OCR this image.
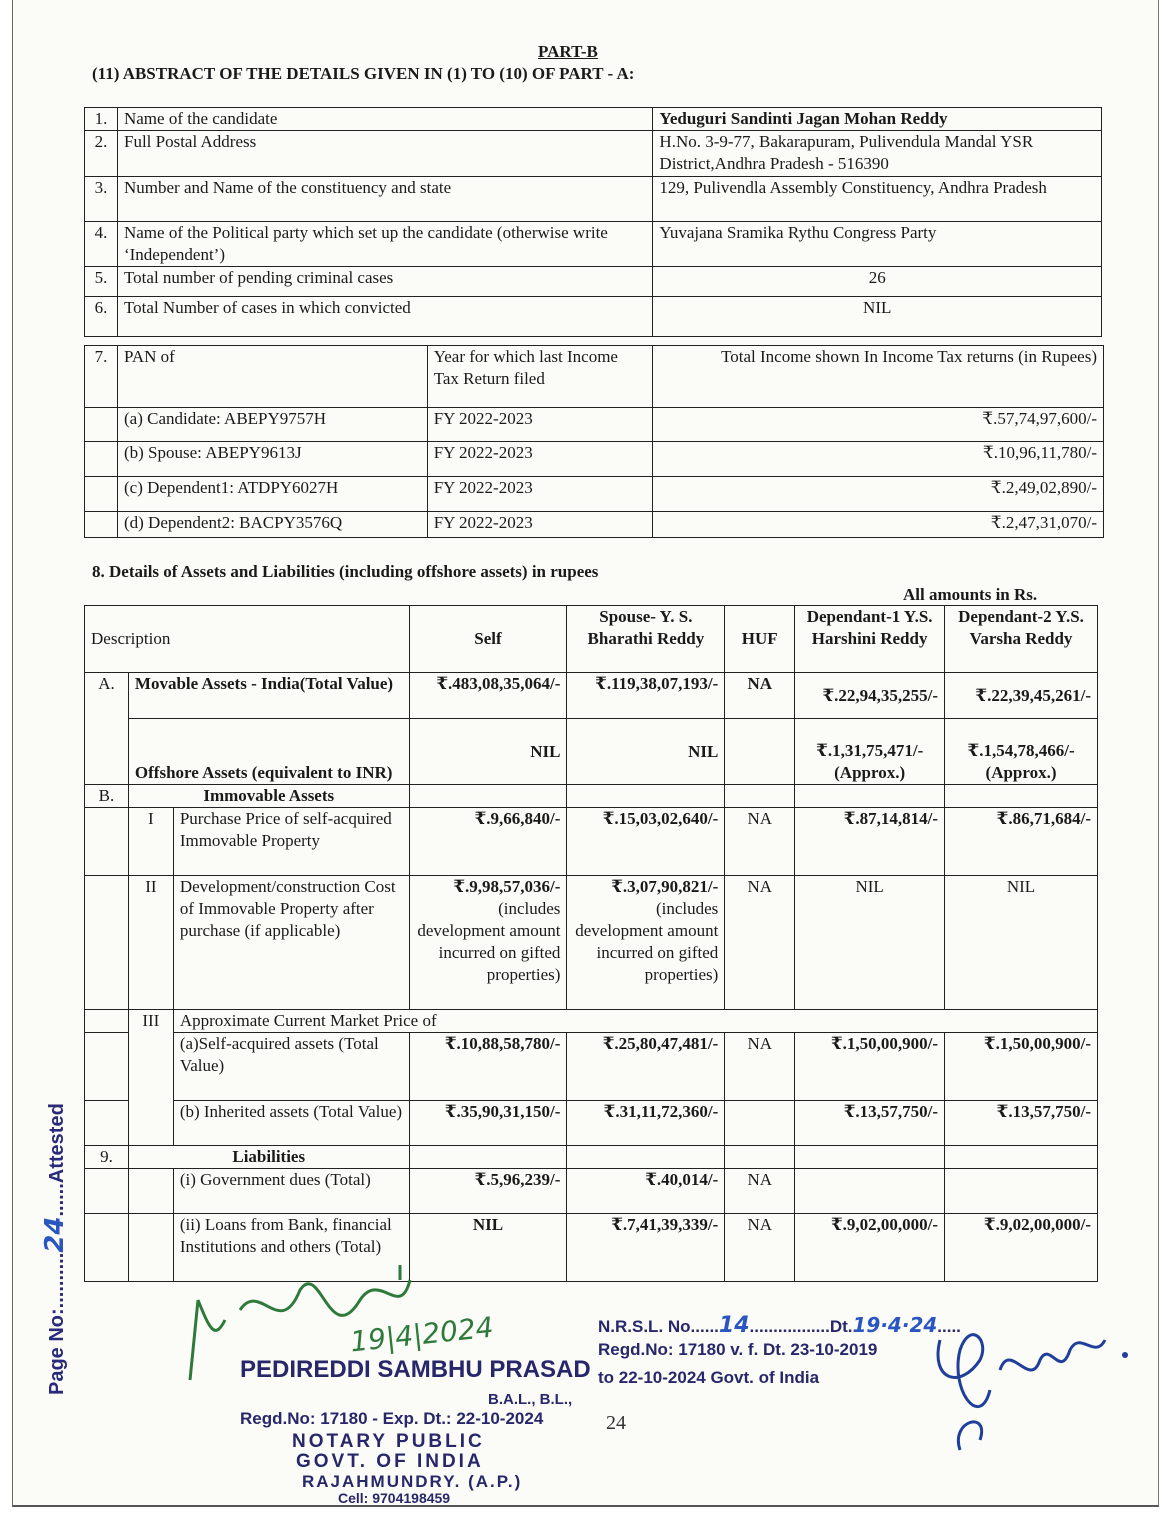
PART-B
(11) ABSTRACT OF THE DETAILS GIVEN IN (1) TO (10) OF PART - A:
1.	Name of the candidate	Yeduguri Sandinti Jagan Mohan Reddy
2.	Full Postal Address	H.No. 3-9-77, Bakarapuram, Pulivendula Mandal YSR District,Andhra Pradesh - 516390
3.	Number and Name of the constituency and state	129, Pulivendla Assembly Constituency, Andhra Pradesh
4.	Name of the Political party which set up the candidate (otherwise write ‘Independent’)	Yuvajana Sramika Rythu Congress Party
5.	Total number of pending criminal cases	26
6.	Total Number of cases in which convicted	NIL
7.	PAN of	Year for which last Income Tax Return filed	Total Income shown In Income Tax returns (in Rupees)
	(a) Candidate: ABEPY9757H	FY 2022-2023	₹.57,74,97,600/-
	(b) Spouse: ABEPY9613J	FY 2022-2023	₹.10,96,11,780/-
	(c) Dependent1: ATDPY6027H	FY 2022-2023	₹.2,49,02,890/-
	(d) Dependent2: BACPY3576Q	FY 2022-2023	₹.2,47,31,070/-
8. Details of Assets and Liabilities (including offshore assets) in rupees
All amounts in Rs.
Description			Self	Spouse- Y. S. Bharathi Reddy	HUF	Dependant-1 Y.S. Harshini Reddy	Dependant-2 Y.S. Varsha Reddy
A.	Movable Assets - India(Total Value)		₹.483,08,35,064/-	₹.119,38,07,193/-	NA	₹.22,94,35,255/-	₹.22,39,45,261/-
	Offshore Assets (equivalent to INR)		NIL	NIL		₹.1,31,75,471/- (Approx.)	₹.1,54,78,466/- (Approx.)
B.	Immovable Assets						
	I	Purchase Price of self-acquired Immovable Property	₹.9,66,840/-	₹.15,03,02,640/-	NA	₹.87,14,814/-	₹.86,71,684/-
	II	Development/construction Cost of Immovable Property after purchase (if applicable)	₹.9,98,57,036/-
(includes development amount incurred on gifted properties)	₹.3,07,90,821/-
(includes development amount incurred on gifted properties)	NA	NIL	NIL
	III	Approximate Current Market Price of					
		(a)Self-acquired assets (Total Value)	₹.10,88,58,780/-	₹.25,80,47,481/-	NA	₹.1,50,00,900/-	₹.1,50,00,900/-
		(b) Inherited assets (Total Value)	₹.35,90,31,150/-	₹.31,11,72,360/-		₹.13,57,750/-	₹.13,57,750/-
9.	Liabilities						
		(i) Government dues (Total)	₹.5,96,239/-	₹.40,014/-	NA		
		(ii) Loans from Bank, financial Institutions and others (Total)	NIL	₹.7,41,39,339/-	NA	₹.9,02,00,000/-	₹.9,02,00,000/-
Page No:..........24......Attested
19|4|2024
PEDIREDDI SAMBHU PRASAD
B.A.L., B.L.,
Regd.No: 17180 - Exp. Dt.: 22-10-2024	24
NOTARY PUBLIC
GOVT. OF INDIA
RAJAHMUNDRY. (A.P.)
Cell: 9704198459
N.R.S.L. No......14.................Dt.19·4·24.....
Regd.No: 17180 v. f. Dt. 23-10-2019
to 22-10-2024 Govt. of India
